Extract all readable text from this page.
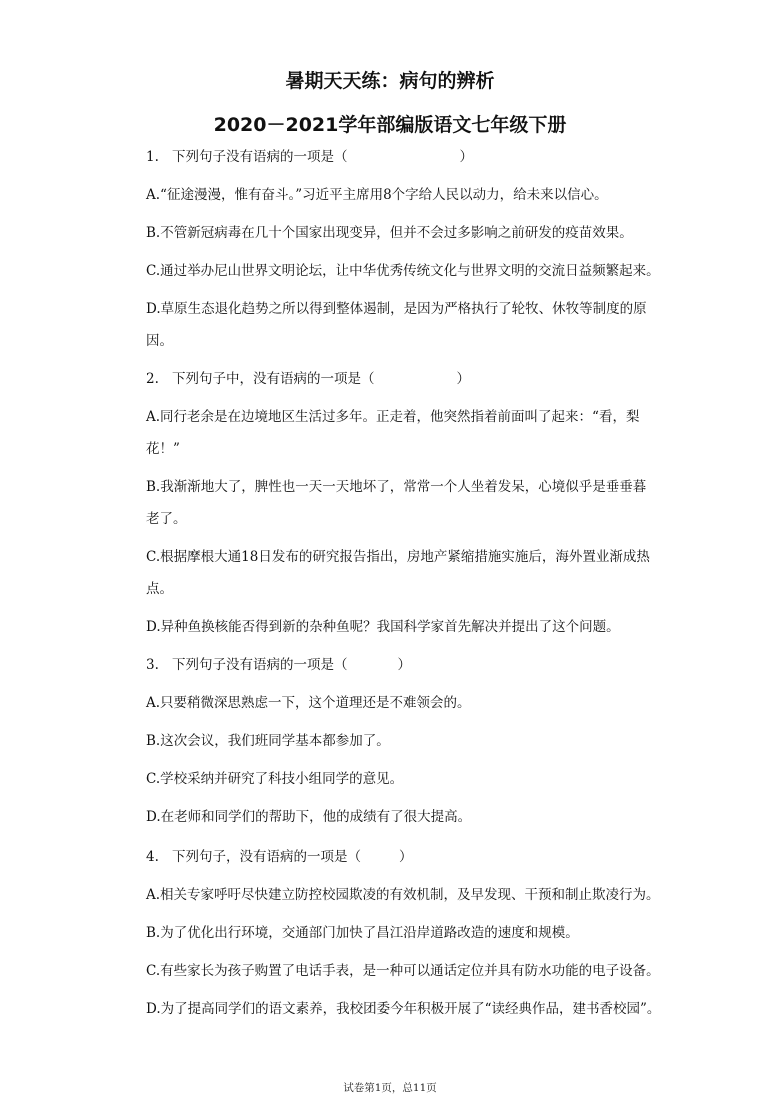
暑期天天练：病句的辨析
2020－2021学年部编版语文七年级下册
1. 下列句子没有语病的一项是（	）
A.“征途漫漫，惟有奋斗。”习近平主席用8个字给人民以动力，给未来以信心。
B.不管新冠病毒在几十个国家出现变异，但并不会过多影响之前研发的疫苗效果。
C.通过举办尼山世界文明论坛，让中华优秀传统文化与世界文明的交流日益频繁起来。
D.草原生态退化趋势之所以得到整体遏制，是因为严格执行了轮牧、休牧等制度的原
因。
2. 下列句子中，没有语病的一项是（	）
A.同行老余是在边境地区生活过多年。正走着，他突然指着前面叫了起来：“看，梨
花！”
B.我渐渐地大了，脾性也一天一天地坏了，常常一个人坐着发呆，心境似乎是垂垂暮
老了。
C.根据摩根大通18日发布的研究报告指出，房地产紧缩措施实施后，海外置业渐成热
点。
D.异种鱼换核能否得到新的杂种鱼呢？我国科学家首先解决并提出了这个问题。
3. 下列句子没有语病的一项是（	）
A.只要稍微深思熟虑一下，这个道理还是不难领会的。
B.这次会议，我们班同学基本都参加了。
C.学校采纳并研究了科技小组同学的意见。
D.在老师和同学们的帮助下，他的成绩有了很大提高。
4. 下列句子，没有语病的一项是（	）
A.相关专家呼吁尽快建立防控校园欺凌的有效机制，及早发现、干预和制止欺凌行为。
B.为了优化出行环境，交通部门加快了昌江沿岸道路改造的速度和规模。
C.有些家长为孩子购置了电话手表，是一种可以通话定位并具有防水功能的电子设备。
D.为了提高同学们的语文素养，我校团委今年积极开展了“读经典作品，建书香校园”。
试卷第1页，总11页
